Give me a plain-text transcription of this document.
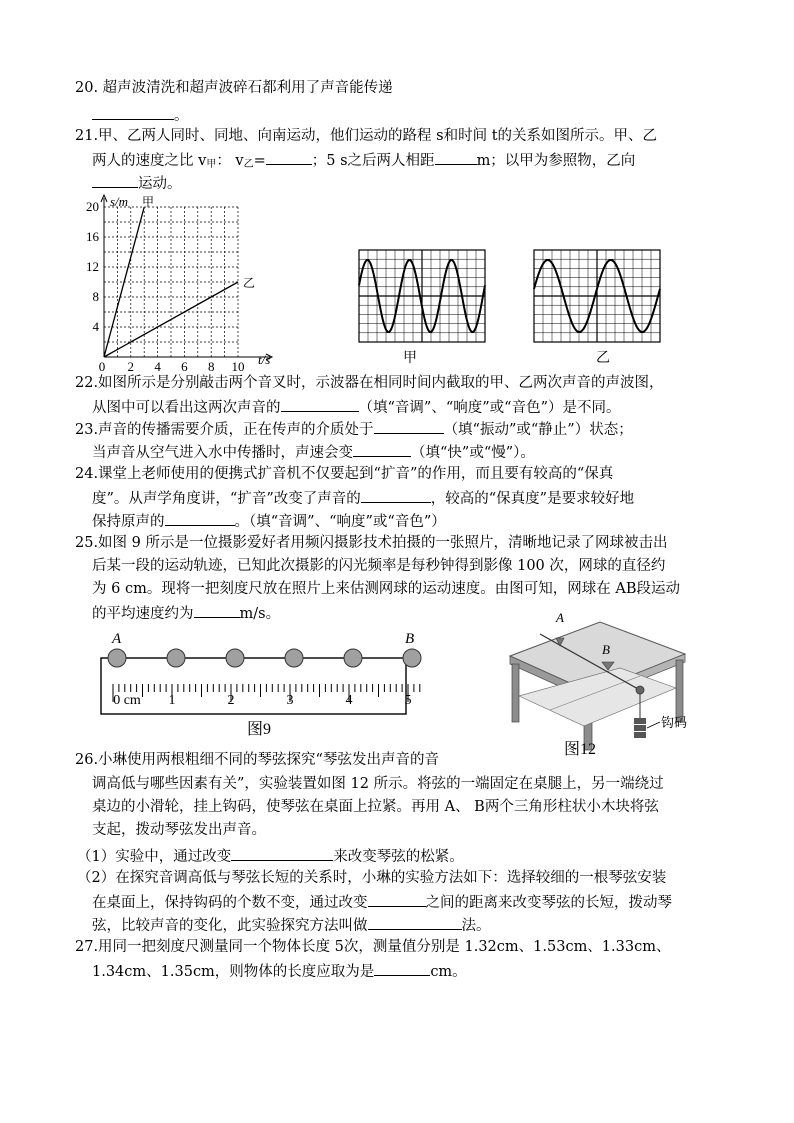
20. 超声波清洗和超声波碎石都利用了声音能传递
。
21.甲、乙两人同时、同地、向南运动，他们运动的路程 s和时间 t的关系如图所示。甲、乙
两人的速度之比 $v_甲$： $v_乙=$	；5 s之后两人相距	m；以甲为参照物，乙向
运动。
20
16
12
8
4
0 2 4 6 8 10
s/m
t/s
甲
乙
甲	乙
22.如图所示是分别敲击两个音叉时，示波器在相同时间内截取的甲、乙两次声音的声波图，
从图中可以看出这两次声音的	（填“音调”、“响度”或“音色”）是不同。
23.声音的传播需要介质，正在传声的介质处于	（填“振动”或“静止”）状态；
当声音从空气进入水中传播时，声速会变	（填“快”或“慢”）。
24.课堂上老师使用的便携式扩音机不仅要起到“扩音”的作用，而且要有较高的“保真
度”。从声学角度讲，“扩音”改变了声音的	，较高的“保真度”是要求较好地
保持原声的	。（填“音调”、“响度”或“音色”）
25.如图 9 所示是一位摄影爱好者用频闪摄影技术拍摄的一张照片，清晰地记录了网球被击出
后某一段的运动轨迹，已知此次摄影的闪光频率是每秒钟得到影像 100 次，网球的直径约
为 6 cm。现将一把刻度尺放在照片上来估测网球的运动速度。由图可知，网球在 AB段运动
的平均速度约为	m/s。
0 cm 1	2	3	4	5
A	B
图9
A
B
钩码
图12
26.小琳使用两根粗细不同的琴弦探究“琴弦发出声音的音
调高低与哪些因素有关”，实验装置如图 12 所示。将弦的一端固定在桌腿上，另一端绕过
桌边的小滑轮，挂上钩码，使琴弦在桌面上拉紧。再用 A、 B两个三角形柱状小木块将弦
支起，拨动琴弦发出声音。
（1）实验中，通过改变	来改变琴弦的松紧。
（2）在探究音调高低与琴弦长短的关系时，小琳的实验方法如下：选择较细的一根琴弦安装
在桌面上，保持钩码的个数不变，通过改变	之间的距离来改变琴弦的长短，拨动琴
弦，比较声音的变化，此实验探究方法叫做	法。
27.用同一把刻度尺测量同一个物体长度 5次，测量值分别是 1.32cm、1.53cm、1.33cm、
1.34cm、1.35cm，则物体的长度应取为是	cm。
